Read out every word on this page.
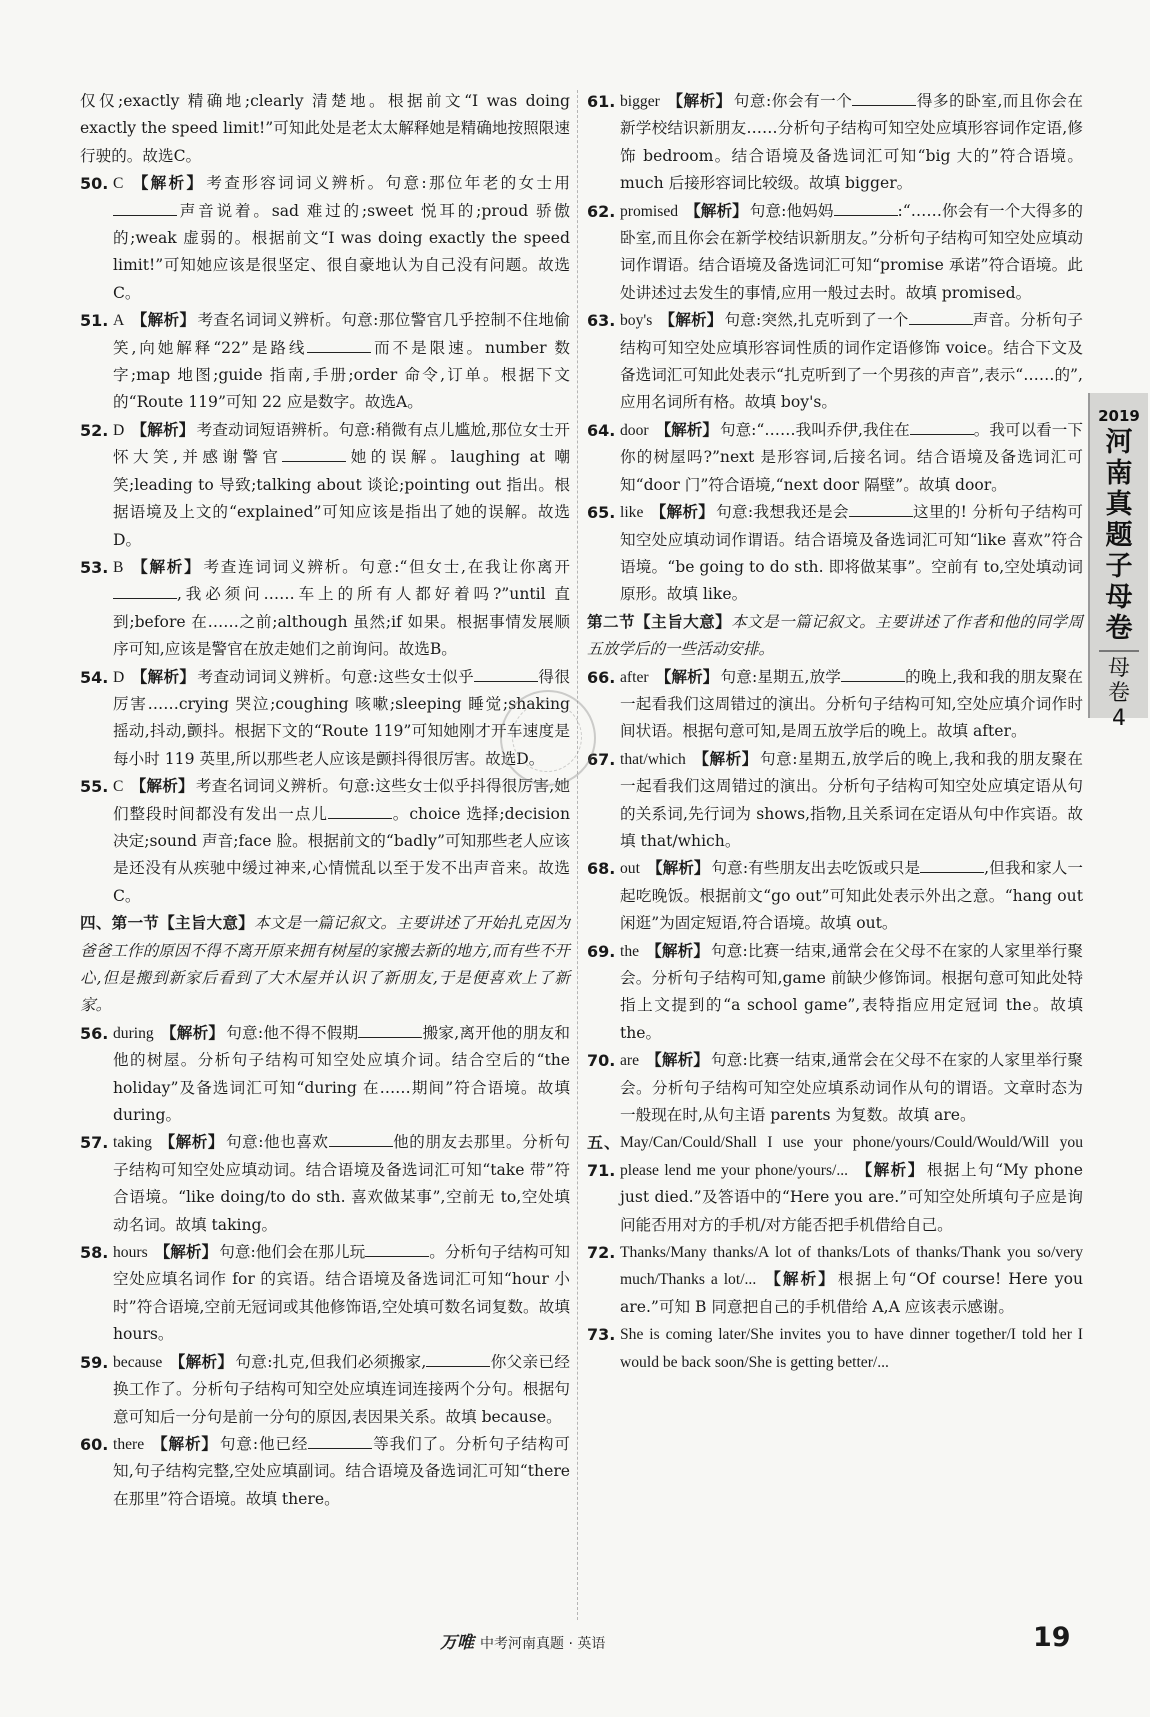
仅仅;exactly 精确地;clearly 清楚地。根据前文“I was doing exactly the speed limit!”可知此处是老太太解释她是精确地按照限速行驶的。故选C。
50. C 【解析】 考查形容词词义辨析。句意:那位年老的女士用声音说着。sad 难过的;sweet 悦耳的;proud 骄傲的;weak 虚弱的。根据前文“I was doing exactly the speed limit!”可知她应该是很坚定、很自豪地认为自己没有问题。故选C。
51. A 【解析】 考查名词词义辨析。句意:那位警官几乎控制不住地偷笑,向她解释“22”是路线	而不是限速。number 数字;map 地图;guide 指南,手册;order 命令,订单。根据下文的“Route 119”可知 22 应是数字。故选A。
52. D 【解析】 考查动词短语辨析。句意:稍微有点儿尴尬,那位女士开怀大笑,并感谢警官	她的误解。laughing at 嘲笑;leading to 导致;talking about 谈论;pointing out 指出。根据语境及上文的“explained”可知应该是指出了她的误解。故选D。
53. B 【解析】 考查连词词义辨析。句意:“但女士,在我让你离开,我必须问……车上的所有人都好着吗?”until 直到;before 在……之前;although 虽然;if 如果。根据事情发展顺序可知,应该是警官在放走她们之前询问。故选B。
54. D 【解析】 考查动词词义辨析。句意:这些女士似乎	得很厉害……crying 哭泣;coughing 咳嗽;sleeping 睡觉;shaking 摇动,抖动,颤抖。根据下文的“Route 119”可知她刚才开车速度是每小时 119 英里,所以那些老人应该是颤抖得很厉害。故选D。
55. C 【解析】 考查名词词义辨析。句意:这些女士似乎抖得很厉害,她们整段时间都没有发出一点儿	。choice 选择;decision 决定;sound 声音;face 脸。根据前文的“badly”可知那些老人应该是还没有从疾驰中缓过神来,心情慌乱以至于发不出声音来。故选C。
四、第一节【主旨大意】本文是一篇记叙文。主要讲述了开始扎克因为爸爸工作的原因不得不离开原来拥有树屋的家搬去新的地方,而有些不开心,但是搬到新家后看到了大木屋并认识了新朋友,于是便喜欢上了新家。
56. during 【解析】 句意:他不得不假期	搬家,离开他的朋友和他的树屋。分析句子结构可知空处应填介词。结合空后的“the holiday”及备选词汇可知“during 在……期间”符合语境。故填 during。
57. taking 【解析】 句意:他也喜欢	他的朋友去那里。分析句子结构可知空处应填动词。结合语境及备选词汇可知“take 带”符合语境。“like doing/to do sth. 喜欢做某事”,空前无 to,空处填动名词。故填 taking。
58. hours 【解析】 句意:他们会在那儿玩	。分析句子结构可知空处应填名词作 for 的宾语。结合语境及备选词汇可知“hour 小时”符合语境,空前无冠词或其他修饰语,空处填可数名词复数。故填 hours。
59. because 【解析】 句意:扎克,但我们必须搬家,	你父亲已经换工作了。分析句子结构可知空处应填连词连接两个分句。根据句意可知后一分句是前一分句的原因,表因果关系。故填 because。
60. there 【解析】 句意:他已经	等我们了。分析句子结构可知,句子结构完整,空处应填副词。结合语境及备选词汇可知“there 在那里”符合语境。故填 there。
61. bigger 【解析】 句意:你会有一个	得多的卧室,而且你会在新学校结识新朋友……分析句子结构可知空处应填形容词作定语,修饰 bedroom。结合语境及备选词汇可知“big 大的”符合语境。much 后接形容词比较级。故填 bigger。
62. promised 【解析】 句意:他妈妈	:“……你会有一个大得多的卧室,而且你会在新学校结识新朋友。”分析句子结构可知空处应填动词作谓语。结合语境及备选词汇可知“promise 承诺”符合语境。此处讲述过去发生的事情,应用一般过去时。故填 promised。
63. boy's 【解析】 句意:突然,扎克听到了一个	声音。分析句子结构可知空处应填形容词性质的词作定语修饰 voice。结合下文及备选词汇可知此处表示“扎克听到了一个男孩的声音”,表示“……的”,应用名词所有格。故填 boy's。
64. door 【解析】 句意:“……我叫乔伊,我住在	。我可以看一下你的树屋吗?”next 是形容词,后接名词。结合语境及备选词汇可知“door 门”符合语境,“next door 隔壁”。故填 door。
65. like 【解析】 句意:我想我还是会	这里的! 分析句子结构可知空处应填动词作谓语。结合语境及备选词汇可知“like 喜欢”符合语境。“be going to do sth. 即将做某事”。空前有 to,空处填动词原形。故填 like。
第二节【主旨大意】本文是一篇记叙文。主要讲述了作者和他的同学周五放学后的一些活动安排。
66. after 【解析】 句意:星期五,放学	的晚上,我和我的朋友聚在一起看我们这周错过的演出。分析句子结构可知,空处应填介词作时间状语。根据句意可知,是周五放学后的晚上。故填 after。
67. that/which 【解析】 句意:星期五,放学后的晚上,我和我的朋友聚在一起看我们这周错过的演出。分析句子结构可知空处应填定语从句的关系词,先行词为 shows,指物,且关系词在定语从句中作宾语。故填 that/which。
68. out 【解析】 句意:有些朋友出去吃饭或只是	,但我和家人一起吃晚饭。根据前文“go out”可知此处表示外出之意。“hang out 闲逛”为固定短语,符合语境。故填 out。
69. the 【解析】 句意:比赛一结束,通常会在父母不在家的人家里举行聚会。分析句子结构可知,game 前缺少修饰词。根据句意可知此处特指上文提到的“a school game”,表特指应用定冠词 the。故填 the。
70. are 【解析】 句意:比赛一结束,通常会在父母不在家的人家里举行聚会。分析句子结构可知空处应填系动词作从句的谓语。文章时态为一般现在时,从句主语 parents 为复数。故填 are。
五、71.
May/Can/Could/Shall I use your phone/yours/Could/Would/Will you please lend me your phone/yours/... 【解析】 根据上句“My phone just died.”及答语中的“Here you are.”可知空处所填句子应是询问能否用对方的手机/对方能否把手机借给自己。
72. Thanks/Many thanks/A lot of thanks/Lots of thanks/Thank you so/very much/Thanks a lot/... 【解析】 根据上句“Of course! Here you are.”可知 B 同意把自己的手机借给 A,A 应该表示感谢。
73. She is coming later/She invites you to have dinner together/I told her I would be back soon/She is getting better/...
2019
河南真题子母卷
母卷
4
万唯 中考河南真题 · 英语	19
